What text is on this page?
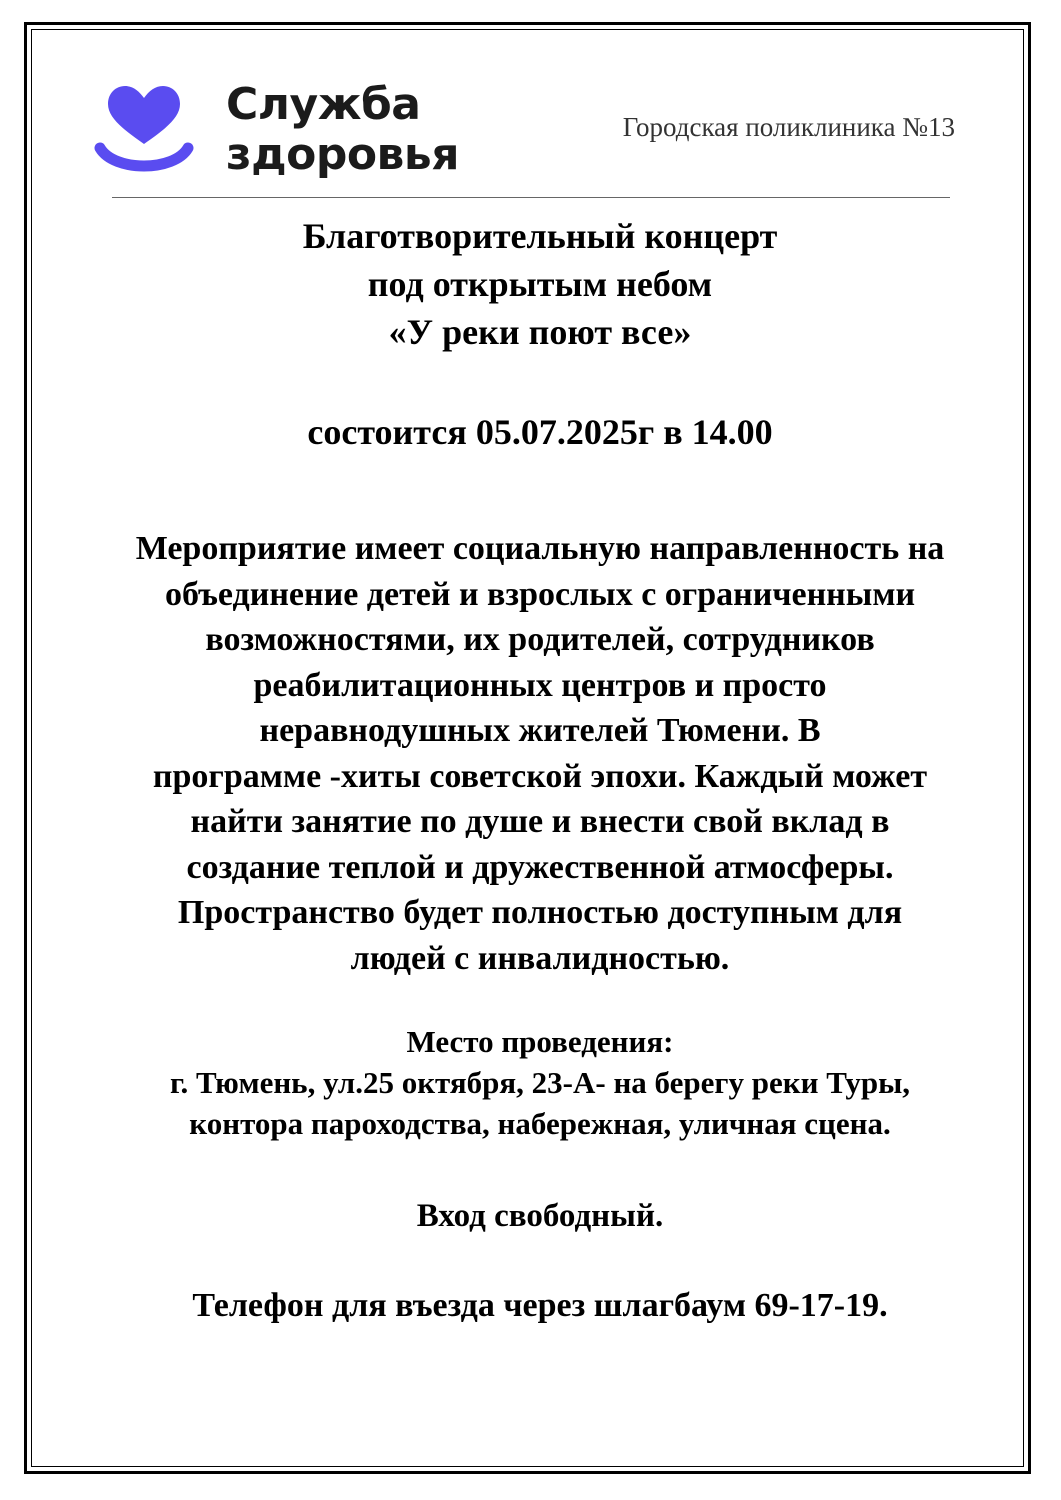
Служба
здоровья
Городская поликлиника №13

Благотворительный концерт
под открытым небом
«У реки поют все»

состоится 05.07.2025г в 14.00

Мероприятие имеет социальную направленность на
объединение детей и взрослых с ограниченными
возможностями, их родителей, сотрудников
реабилитационных центров и просто
неравнодушных жителей Тюмени. В
программе -хиты советской эпохи. Каждый может
найти занятие по душе и внести свой вклад в
создание теплой и дружественной атмосферы.
Пространство будет полностью доступным для
людей с инвалидностью.

Место проведения:
г. Тюмень, ул.25 октября, 23-А- на берегу реки Туры,
контора пароходства, набережная, уличная сцена.

Вход свободный.

Телефон для въезда через шлагбаум 69-17-19.
